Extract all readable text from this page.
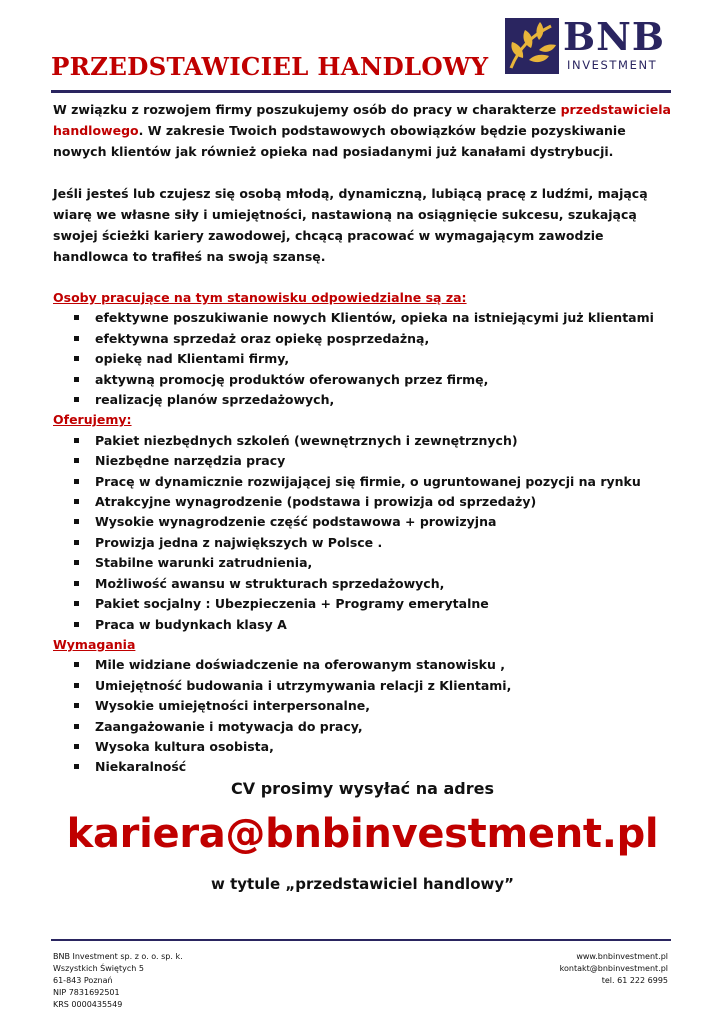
PRZEDSTAWICIEL HANDLOWY
BNB
INVESTMENT

W związku z rozwojem firmy poszukujemy osób do pracy w charakterze przedstawiciela handlowego. W zakresie Twoich podstawowych obowiązków będzie pozyskiwanie nowych klientów jak również opieka nad posiadanymi już kanałami dystrybucji.

Jeśli jesteś lub czujesz się osobą młodą, dynamiczną, lubiącą pracę z ludźmi, mającą wiarę we własne siły i umiejętności, nastawioną na osiągnięcie sukcesu, szukającą swojej ścieżki kariery zawodowej, chcącą pracować w wymagającym zawodzie handlowca to trafiłeś na swoją szansę.

Osoby pracujące na tym stanowisku odpowiedzialne są za:

efektywne poszukiwanie nowych Klientów, opieka na istniejącymi już klientami
efektywna sprzedaż oraz opiekę posprzedażną,
opiekę nad Klientami firmy,
aktywną promocję produktów oferowanych przez firmę,
realizację planów sprzedażowych,

Oferujemy:

Pakiet niezbędnych szkoleń (wewnętrznych i zewnętrznych)
Niezbędne narzędzia pracy
Pracę w dynamicznie rozwijającej się firmie, o ugruntowanej pozycji na rynku
Atrakcyjne wynagrodzenie (podstawa i prowizja od sprzedaży)
Wysokie wynagrodzenie część podstawowa + prowizyjna
Prowizja jedna z największych w Polsce .
Stabilne warunki zatrudnienia,
Możliwość awansu w strukturach sprzedażowych,
Pakiet socjalny : Ubezpieczenia + Programy emerytalne
Praca w budynkach klasy A

Wymagania

Mile widziane doświadczenie na oferowanym stanowisku ,
Umiejętność budowania i utrzymywania relacji z Klientami,
Wysokie umiejętności interpersonalne,
Zaangażowanie i motywacja do pracy,
Wysoka kultura osobista,
Niekaralność
CV prosimy wysyłać na adres
kariera@bnbinvestment.pl
w tytule „przedstawiciel handlowy”
BNB Investment sp. z o. o. sp. k.
Wszystkich Świętych 5
61-843 Poznań
NIP 7831692501
KRS 0000435549
www.bnbinvestment.pl
kontakt@bnbinvestment.pl
tel. 61 222 6995
